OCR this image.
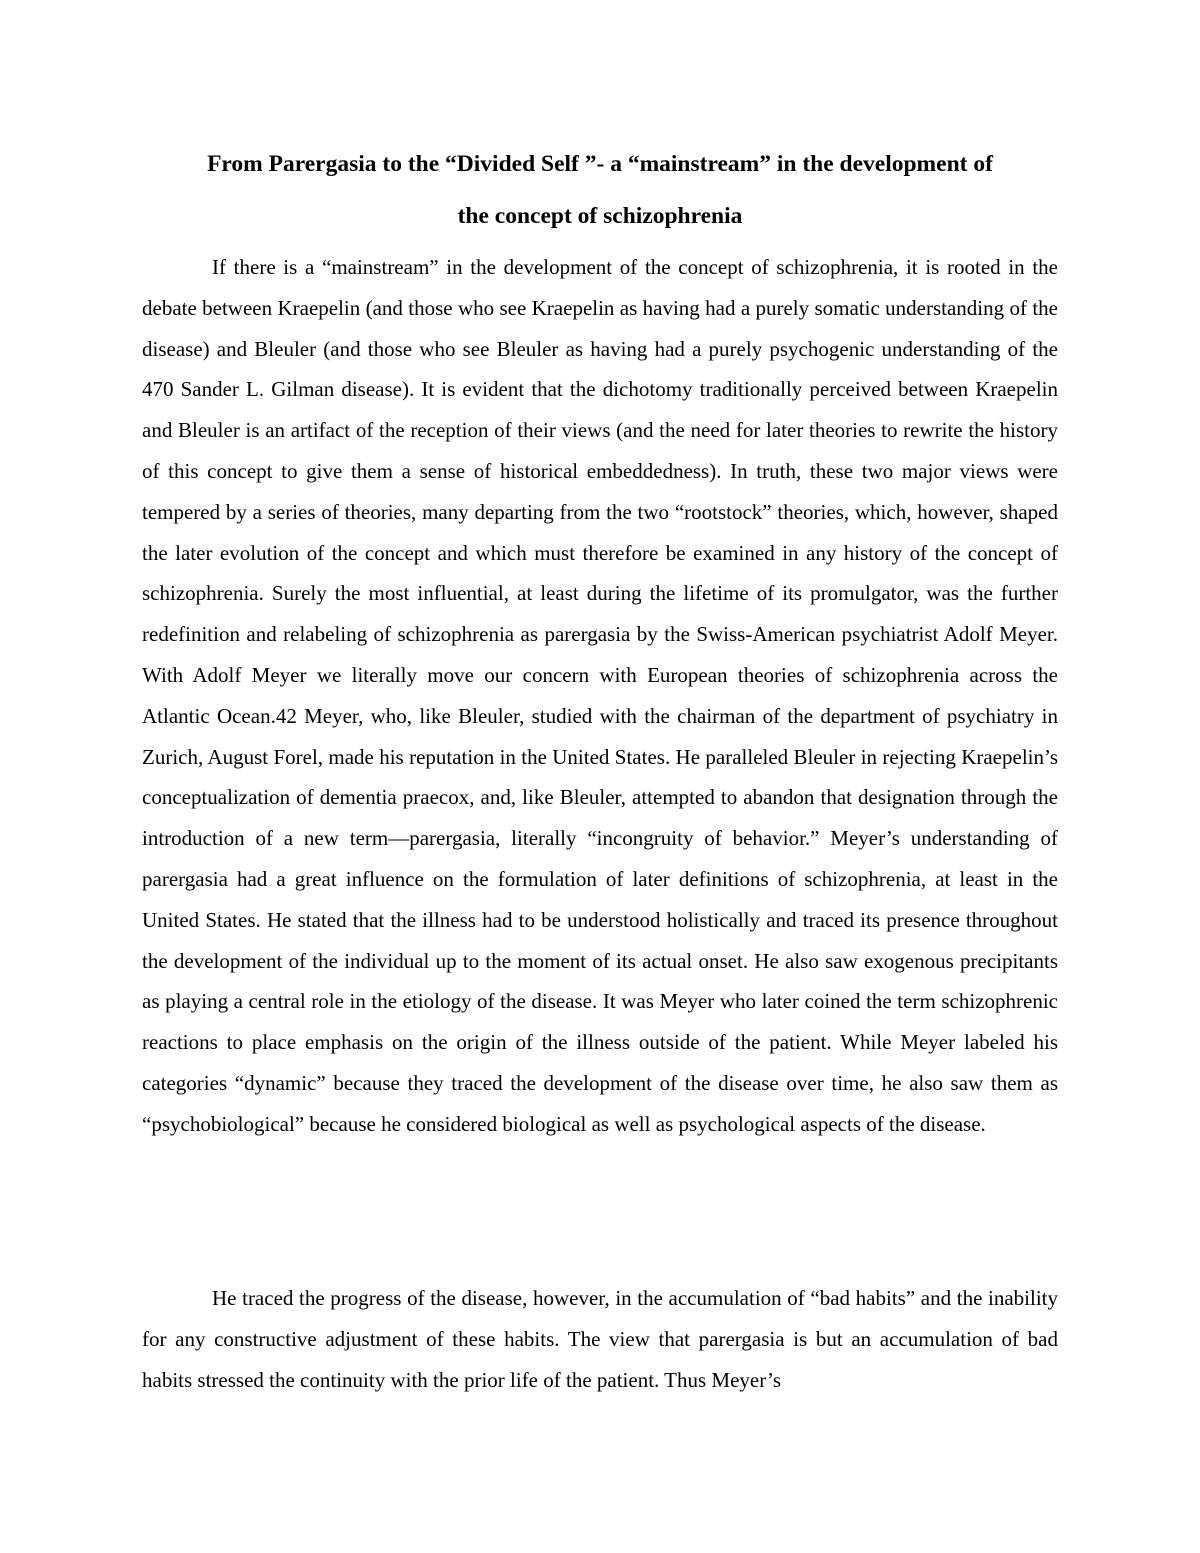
From Parergasia to the “Divided Self ”- a “mainstream” in the development of
the concept of schizophrenia

If there is a “mainstream” in the development of the concept of schizophrenia, it is rooted in the debate between Kraepelin (and those who see Kraepelin as having had a purely somatic understanding of the disease) and Bleuler (and those who see Bleuler as having had a purely psychogenic understanding of the 470 Sander L. Gilman disease). It is evident that the dichotomy traditionally perceived between Kraepelin and Bleuler is an artifact of the reception of their views (and the need for later theories to rewrite the history of this concept to give them a sense of historical embeddedness). In truth, these two major views were tempered by a series of theories, many departing from the two “rootstock” theories, which, however, shaped the later evolution of the concept and which must therefore be examined in any history of the concept of schizophrenia. Surely the most influential, at least during the lifetime of its promulgator, was the further redefinition and relabeling of schizophrenia as parergasia by the Swiss-American psychiatrist Adolf Meyer. With Adolf Meyer we literally move our concern with European theories of schizophrenia across the Atlantic Ocean.42 Meyer, who, like Bleuler, studied with the chairman of the department of psychiatry in Zurich, August Forel, made his reputation in the United States. He paralleled Bleuler in rejecting Kraepelin’s conceptualization of dementia praecox, and, like Bleuler, attempted to abandon that designation through the introduction of a new term—parergasia, literally “incongruity of behavior.” Meyer’s understanding of parergasia had a great influence on the formulation of later definitions of schizophrenia, at least in the United States. He stated that the illness had to be understood holistically and traced its presence throughout the development of the individual up to the moment of its actual onset. He also saw exogenous precipitants as playing a central role in the etiology of the disease. It was Meyer who later coined the term schizophrenic reactions to place emphasis on the origin of the illness outside of the patient. While Meyer labeled his categories “dynamic” because they traced the development of the disease over time, he also saw them as “psychobiological” because he considered biological as well as psychological aspects of the disease.

He traced the progress of the disease, however, in the accumulation of “bad habits” and the inability for any constructive adjustment of these habits. The view that parergasia is but an accumulation of bad habits stressed the continuity with the prior life of the patient. Thus Meyer’s
